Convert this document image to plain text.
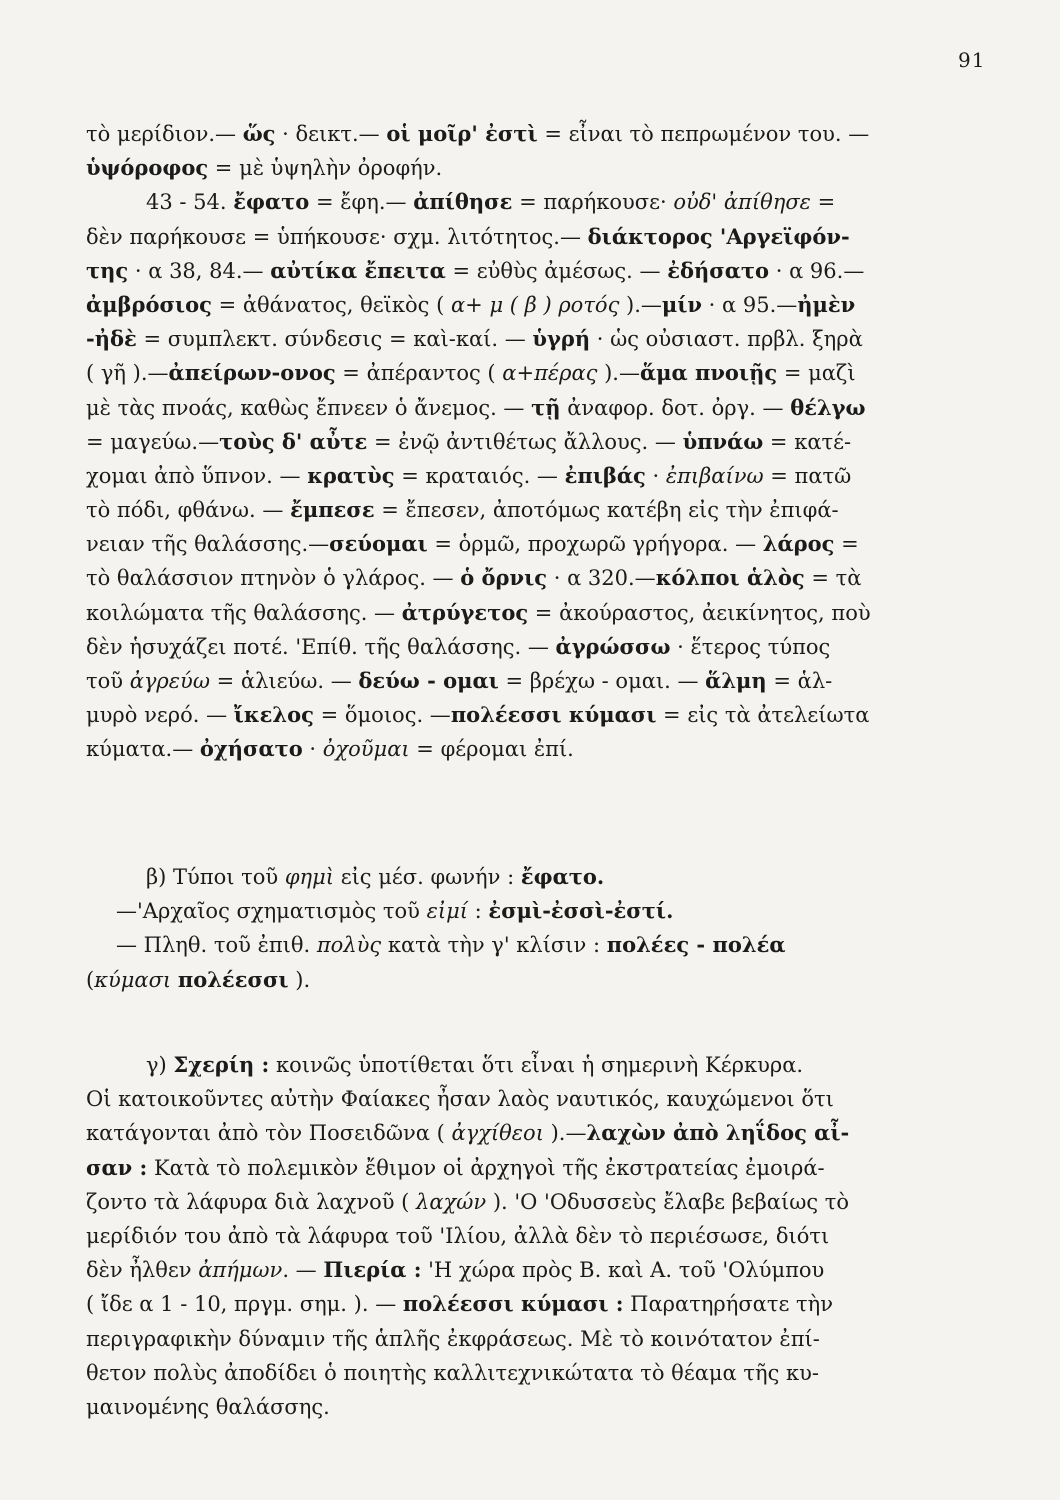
91
τὸ μερίδιον.— ὥς · δεικτ.— οἱ μοῖρ' ἐστὶ = εἶναι τὸ πεπρωμένον του. —
ὑψόροφος = μὲ ὑψηλὴν ὀροφήν.
43 - 54. ἔφατο = ἔφη.— ἀπίθησε = παρήκουσε· οὐδ' ἀπίθησε =
δὲν παρήκουσε = ὑπήκουσε· σχμ. λιτότητος.— διάκτορος 'Αργεϊφόν-
της · α 38, 84.— αὐτίκα ἔπειτα = εὐθὺς ἀμέσως. — ἐδήσατο · α 96.—
ἀμβρόσιος = ἀθάνατος, θεϊκὸς ( α+ μ ( β ) ροτός ).—μίν · α 95.—ἠμὲν
-ἠδὲ = συμπλεκτ. σύνδεσις = καὶ-καί. — ὑγρή · ὡς οὐσιαστ. πρβλ. ξηρὰ
( γῆ ).—ἀπείρων-ονος = ἀπέραντος ( α+πέρας ).—ἅμα πνοιῇς = μαζὶ
μὲ τὰς πνοάς, καθὼς ἔπνεεν ὁ ἄνεμος. — τῇ ἀναφορ. δοτ. ὀργ. — θέλγω
= μαγεύω.—τοὺς δ' αὖτε = ἐνῷ ἀντιθέτως ἄλλους. — ὑπνάω = κατέ-
χομαι ἀπὸ ὕπνον. — κρατὺς = κραταιός. — ἐπιβάς · ἐπιβαίνω = πατῶ
τὸ πόδι, φθάνω. — ἔμπεσε = ἔπεσεν, ἀποτόμως κατέβη εἰς τὴν ἐπιφά-
νειαν τῆς θαλάσσης.—σεύομαι = ὁρμῶ, προχωρῶ γρήγορα. — λάρος =
τὸ θαλάσσιον πτηνὸν ὁ γλάρος. — ὁ ὄρνις · α 320.—κόλποι ἁλὸς = τὰ
κοιλώματα τῆς θαλάσσης. — ἀτρύγετος = ἀκούραστος, ἀεικίνητος, ποὺ
δὲν ἡσυχάζει ποτέ. 'Επίθ. τῆς θαλάσσης. — ἀγρώσσω · ἕτερος τύπος
τοῦ ἀγρεύω = ἁλιεύω. — δεύω - ομαι = βρέχω - ομαι. — ἅλμη = ἁλ-
μυρὸ νερό. — ἴκελος = ὅμοιος. —πολέεσσι κύμασι = εἰς τὰ ἀτελείωτα
κύματα.— ὀχήσατο · ὀχοῦμαι = φέρομαι ἐπί.
β) Τύποι τοῦ φημὶ εἰς μέσ. φωνήν : ἔφατο.
—'Αρχαῖος σχηματισμὸς τοῦ εἰμί : ἐσμὶ-ἐσσὶ-ἐστί.
— Πληθ. τοῦ ἐπιθ. πολὺς κατὰ τὴν γ' κλίσιν : πολέες - πολέα
(κύμασι πολέεσσι ).
γ) Σχερίη : κοινῶς ὑποτίθεται ὅτι εἶναι ἡ σημερινὴ Κέρκυρα.
Οἱ κατοικοῦντες αὐτὴν Φαίακες ἦσαν λαὸς ναυτικός, καυχώμενοι ὅτι
κατάγονται ἀπὸ τὸν Ποσειδῶνα ( ἀγχίθεοι ).—λαχὼν ἀπὸ ληΐδος αἶ-
σαν : Κατὰ τὸ πολεμικὸν ἔθιμον οἱ ἀρχηγοὶ τῆς ἐκστρατείας ἐμοιρά-
ζοντο τὰ λάφυρα διὰ λαχνοῦ ( λαχών ). 'Ο 'Οδυσσεὺς ἔλαβε βεβαίως τὸ
μερίδιόν του ἀπὸ τὰ λάφυρα τοῦ 'Ιλίου, ἀλλὰ δὲν τὸ περιέσωσε, διότι
δὲν ἦλθεν ἀπήμων. — Πιερία : 'Η χώρα πρὸς Β. καὶ Α. τοῦ 'Ολύμπου
( ἴδε α 1 - 10, πργμ. σημ. ). — πολέεσσι κύμασι : Παρατηρήσατε τὴν
περιγραφικὴν δύναμιν τῆς ἁπλῆς ἐκφράσεως. Μὲ τὸ κοινότατον ἐπί-
θετον πολὺς ἀποδίδει ὁ ποιητὴς καλλιτεχνικώτατα τὸ θέαμα τῆς κυ-
μαινομένης θαλάσσης.
